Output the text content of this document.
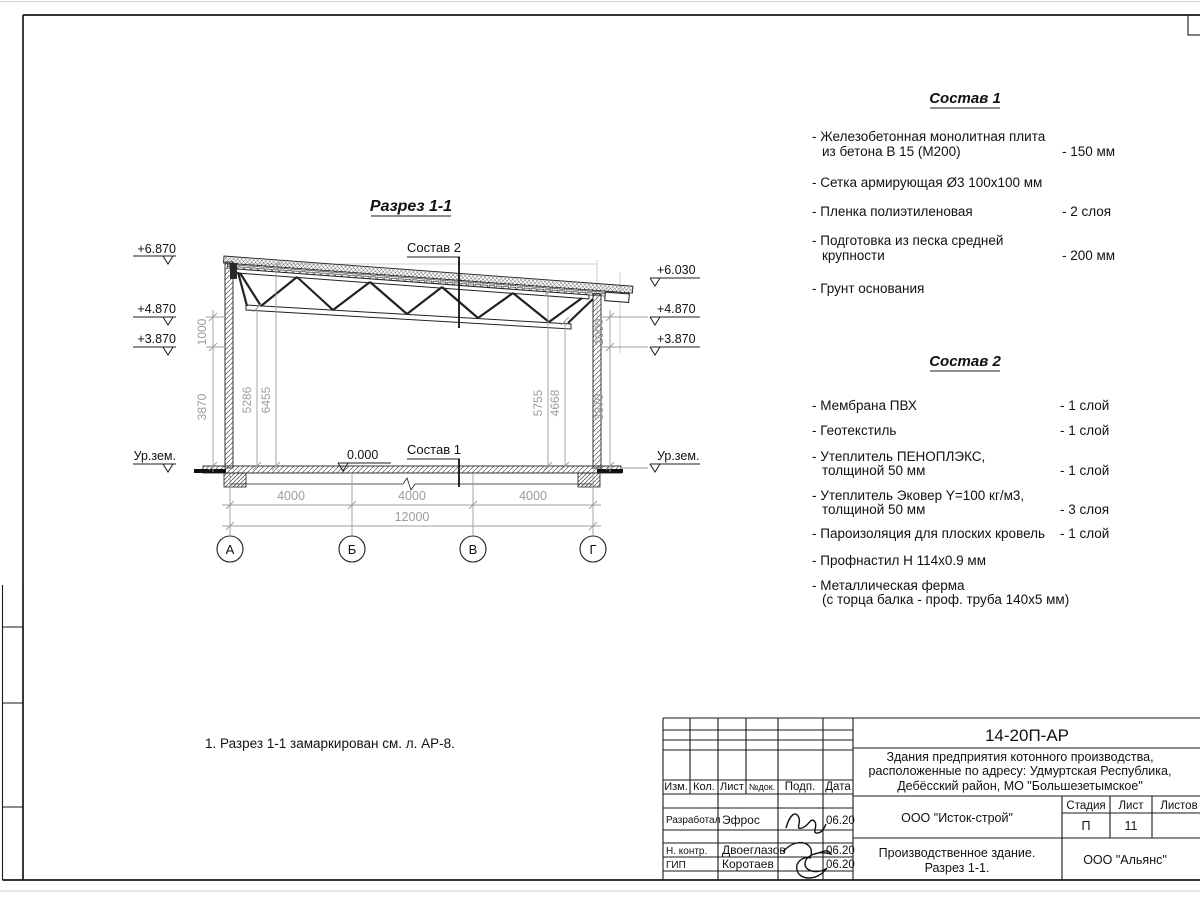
Разрез 1-1
Состав 2
Состав 1
0.000
+6.870
+4.870
+3.870
Ур.зем.
+6.030
+4.870
+3.870
Ур.зем.
1000
3870
1000
3870
5286 6455	5755 4668
4000	4000	4000
12000
А	Б	В	Г
1. Разрез 1-1 замаркирован см. л. АР-8.
Состав 1
- Железобетонная монолитная плита
из бетона В 15 (М200)	- 150 мм
- Сетка армирующая Ø3 100x100 мм
- Пленка полиэтиленовая	- 2 слоя
- Подготовка из песка средней
крупности	- 200 мм
- Грунт основания
Состав 2
- Мембрана ПВХ	- 1 слой
- Геотекстиль	- 1 слой
- Утеплитель ПЕНОПЛЭКС,
толщиной 50 мм	- 1 слой
- Утеплитель Эковер Y=100 кг/м3,
толщиной 50 мм	- 3 слоя
- Пароизоляция для плоских кровель - 1 слой
- Профнастил Н 114x0.9 мм
- Металлическая ферма
(с торца балка - проф. труба 140x5 мм)
Изм. Кол. Лист №док. Подп. Дата
Разработал Эфрос	06.20
Н. контр. Двоеглазов	06.20
ГИП	Коротаев	06.20
14-20П-АР
Здания предприятия котонного производства,
расположенные по адресу: Удмуртская Республика,
Дебёсский район, МО "Большезетымское"
ООО "Исток-строй"
Стадия Лист Листов
П	11
Производственное здание.
Разрез 1-1.
ООО "Альянс"
